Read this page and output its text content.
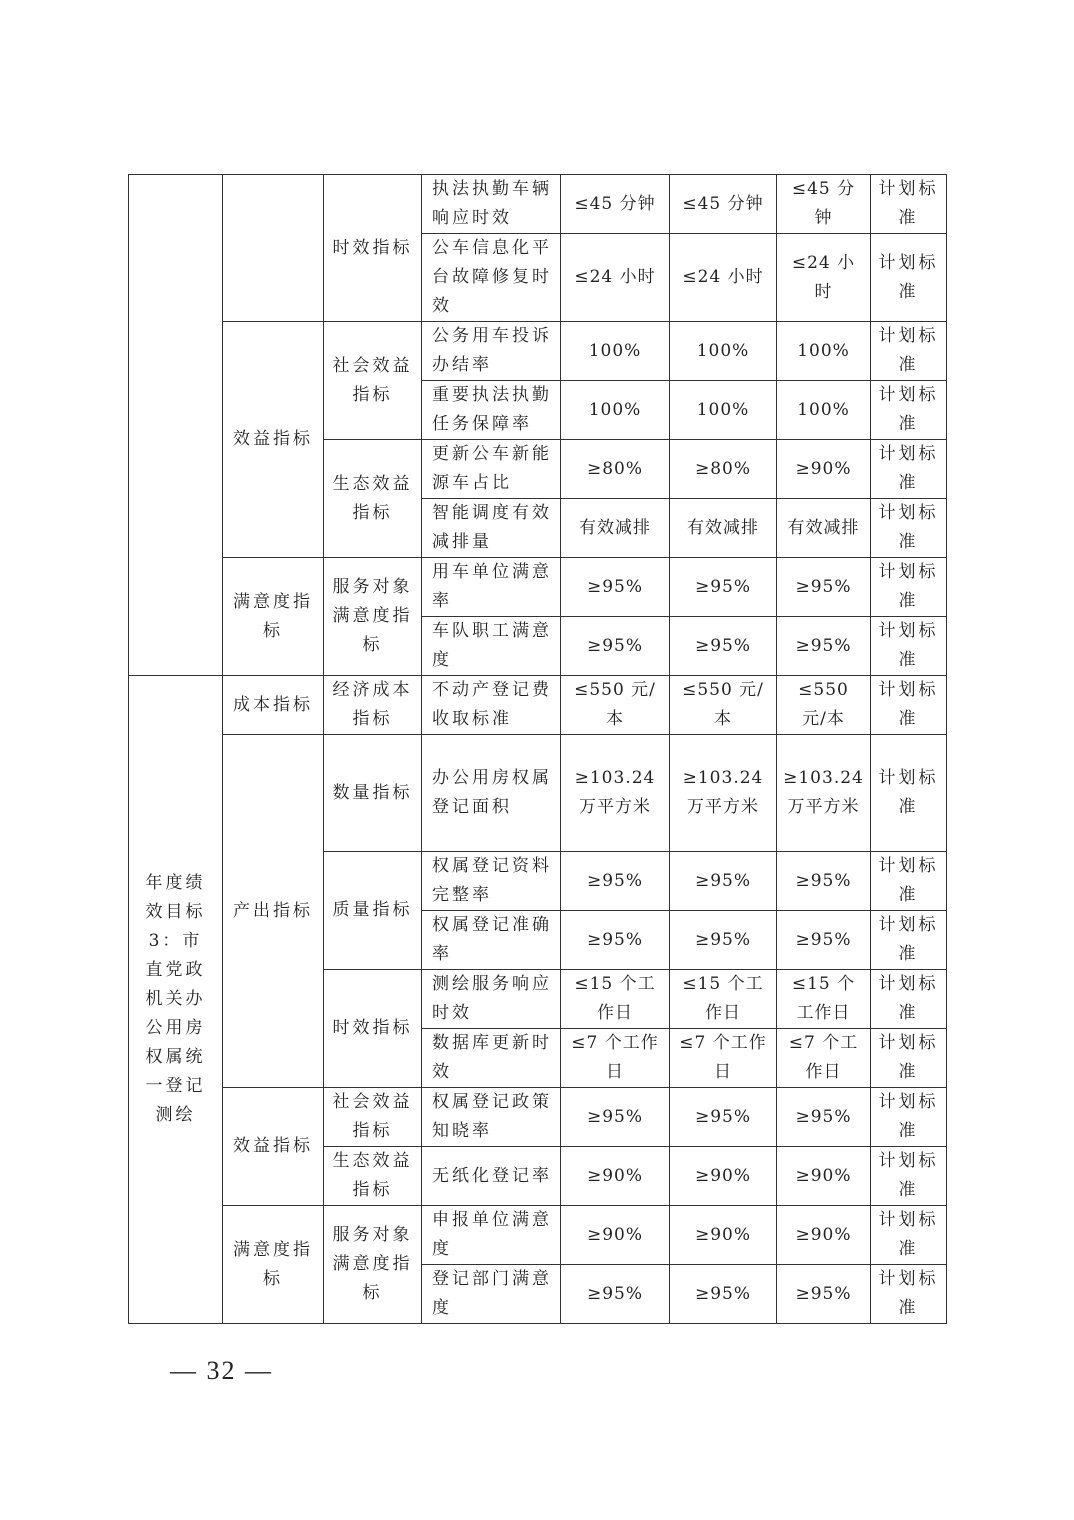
		时效指标	执法执勤车辆响应时效	≤45 分钟	≤45 分钟	≤45 分钟	计划标准
			公车信息化平台故障修复时效	≤24 小时	≤24 小时	≤24 小时	计划标准
	效益指标	社会效益指标	公务用车投诉办结率	100%	100%	100%	计划标准
			重要执法执勤任务保障率	100%	100%	100%	计划标准
		生态效益指标	更新公车新能源车占比	≥80%	≥80%	≥90%	计划标准
			智能调度有效减排量	有效减排	有效减排	有效减排	计划标准
	满意度指标	服务对象满意度指标	用车单位满意率	≥95%	≥95%	≥95%	计划标准
			车队职工满意度	≥95%	≥95%	≥95%	计划标准
年度绩效目标3：市直党政机关办公用房权属统一登记测绘	成本指标	经济成本指标	不动产登记费收取标准	≤550 元/本	≤550 元/本	≤550 元/本	计划标准
	产出指标	数量指标	办公用房权属登记面积	≥103.24 万平方米	≥103.24 万平方米	≥103.24 万平方米	计划标准
		质量指标	权属登记资料完整率	≥95%	≥95%	≥95%	计划标准
			权属登记准确率	≥95%	≥95%	≥95%	计划标准
		时效指标	测绘服务响应时效	≤15 个工作日	≤15 个工作日	≤15 个工作日	计划标准
			数据库更新时效	≤7 个工作日	≤7 个工作日	≤7 个工作日	计划标准
	效益指标	社会效益指标	权属登记政策知晓率	≥95%	≥95%	≥95%	计划标准
		生态效益指标	无纸化登记率	≥90%	≥90%	≥90%	计划标准
	满意度指标	服务对象满意度指标	申报单位满意度	≥90%	≥90%	≥90%	计划标准
			登记部门满意度	≥95%	≥95%	≥95%	计划标准
— 32 —
